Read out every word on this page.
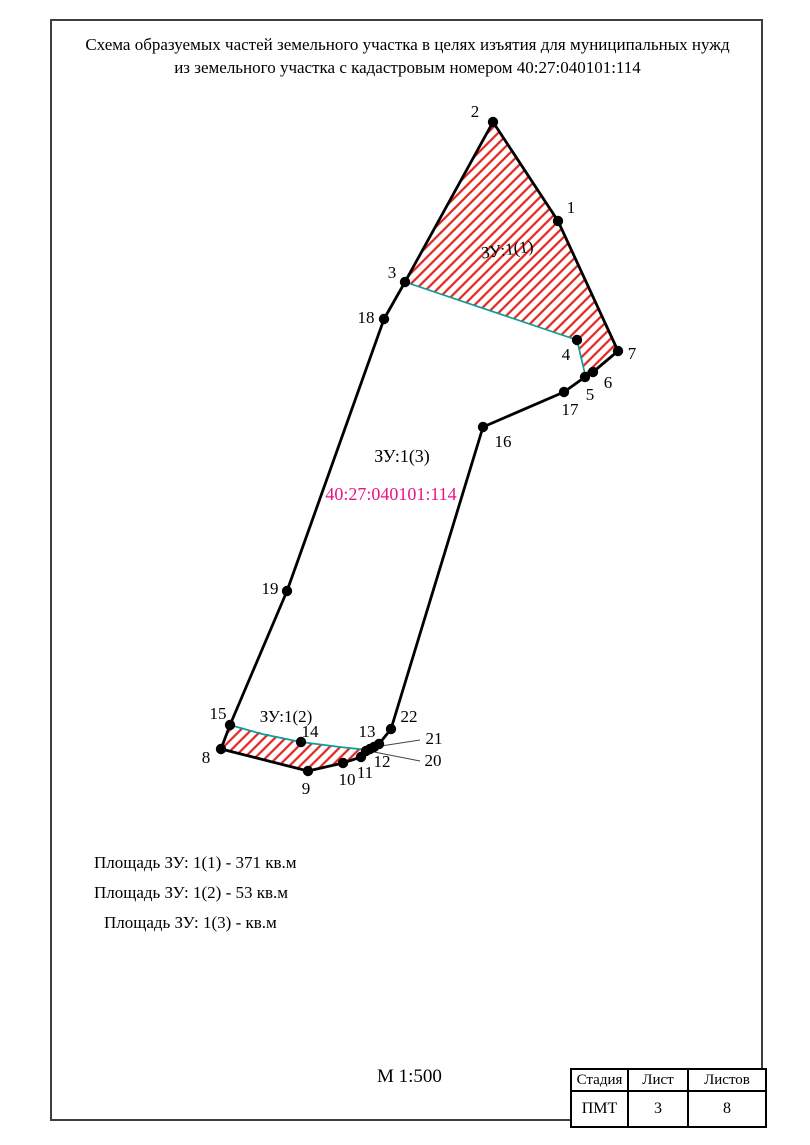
Схема образуемых частей земельного участка в целях изъятия для муниципальных нужд
из земельного участка с кадастровым номером 40:27:040101:114
1
2
3
4
5
6
7
8
9 10 11
12
13
14
15
16
17
18
19
20
21
22
ЗУ:1(1)
ЗУ:1(2)
ЗУ:1(3)
40:27:040101:114
Площадь ЗУ: 1(1) - 371 кв.м
Площадь ЗУ: 1(2) - 53 кв.м
Площадь ЗУ: 1(3) - кв.м
М 1:500	Стадия	Лист	Листов
ПМТ	3	8
